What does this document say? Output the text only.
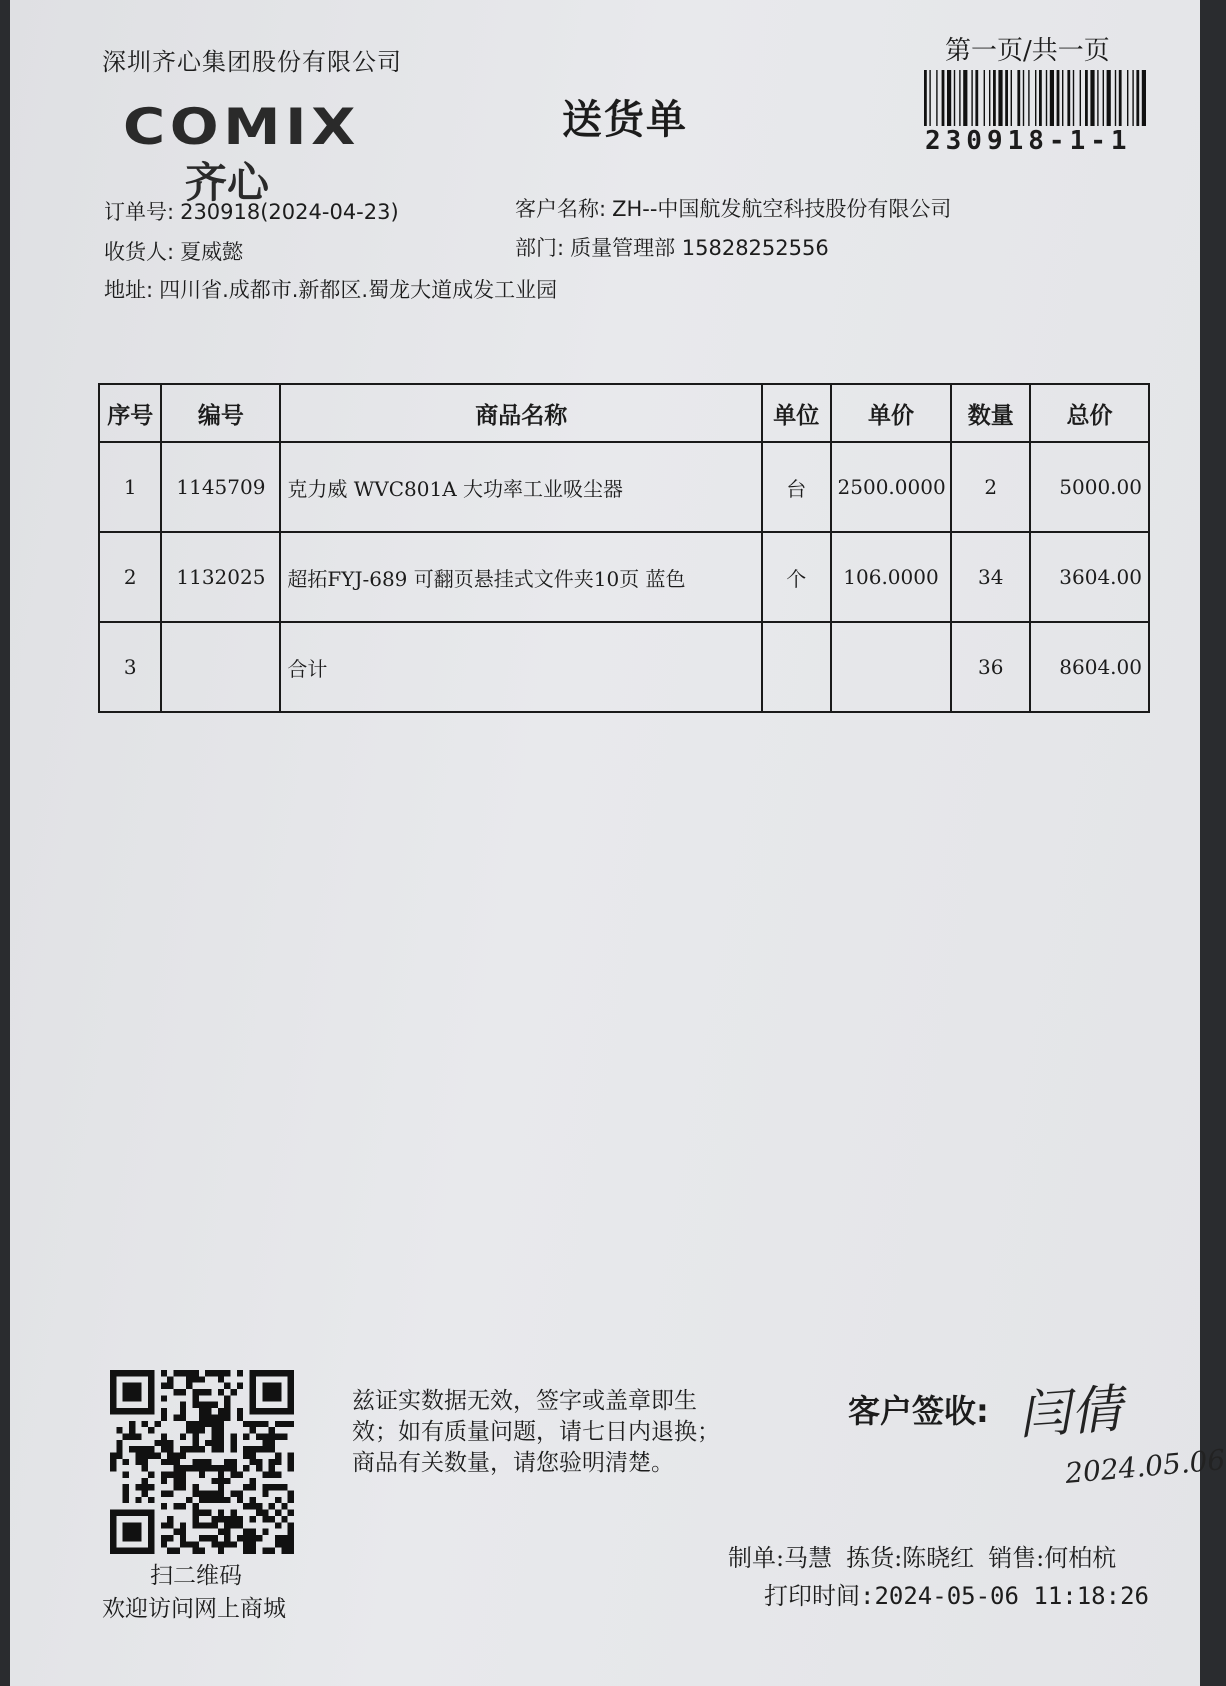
深圳齐心集团股份有限公司	第一页/共一页
230918-1-1
COMIX
齐心
送货单
订单号: 230918(2024-04-23)	客户名称: ZH--中国航发航空科技股份有限公司
收货人: 夏威懿	部门: 质量管理部 15828252556
地址: 四川省.成都市.新都区.蜀龙大道成发工业园
序号	编号	商品名称	单位	单价	数量	总价
1	1145709	克力威 WVC801A 大功率工业吸尘器	台	2500.0000	2	5000.00
2	1132025	超拓FYJ-689 可翻页悬挂式文件夹10页 蓝色	个	106.0000	34	3604.00
3		合计			36	8604.00
扫二维码
欢迎访问网上商城
兹证实数据无效，签字或盖章即生
效；如有质量问题，请七日内退换；
商品有关数量，请您验明清楚。
客户签收: 闫倩
2024.05.06
制单:马慧 拣货:陈晓红 销售:何柏杭
打印时间:2024-05-06 11:18:26
